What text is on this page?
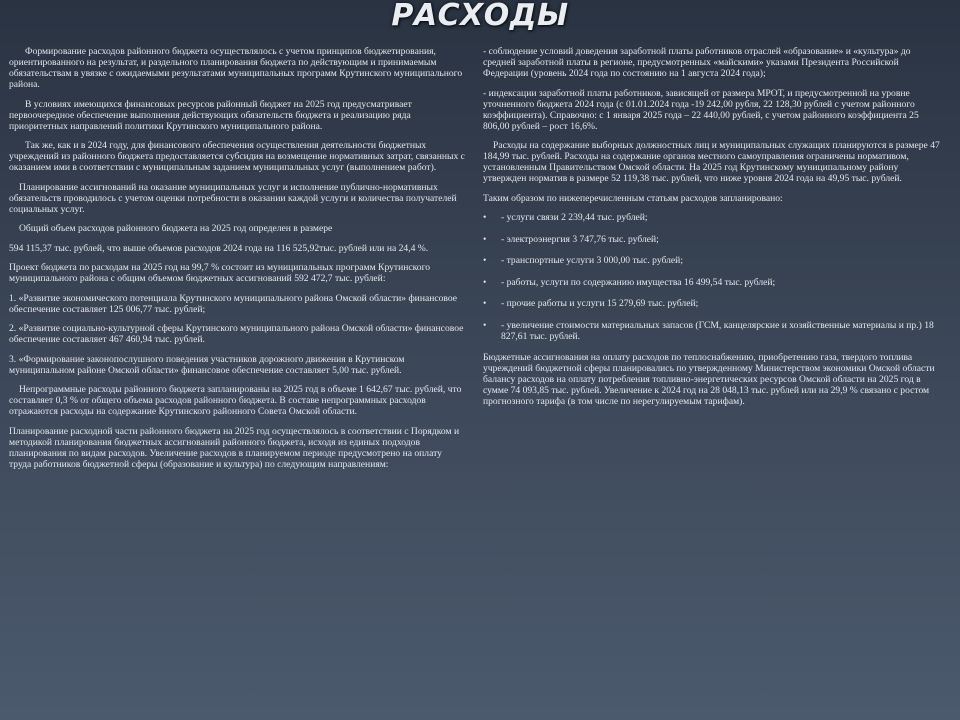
РАСХОДЫ

Формирование расходов районного бюджета осуществлялось с учетом принципов бюджетирования, ориентированного на результат, и раздельного планирования бюджета по действующим и принимаемым обязательствам в увязке с ожидаемыми результатами муниципальных программ Крутинского муниципального района.

В условиях имеющихся финансовых ресурсов районный бюджет на 2025 год предусматривает первоочередное обеспечение выполнения действующих обязательств бюджета и реализацию ряда приоритетных направлений политики Крутинского муниципального района.

Так же, как и в 2024 году, для финансового обеспечения осуществления деятельности бюджетных учреждений из районного бюджета предоставляется субсидия на возмещение нормативных затрат, связанных с оказанием ими в соответствии с муниципальным заданием муниципальных услуг (выполнением работ).

Планирование ассигнований на оказание муниципальных услуг и исполнение публично-нормативных обязательств проводилось с учетом оценки потребности в оказании каждой услуги и количества получателей социальных услуг.

Общий объем расходов районного бюджета на 2025 год определен в размере

594 115,37 тыс. рублей, что выше объемов расходов 2024 года на 116 525,92тыс. рублей или на 24,4 %.

Проект бюджета по расходам на 2025 год на 99,7 % состоит из муниципальных программ Крутинского муниципального района с общим объемом бюджетных ассигнований 592 472,7 тыс. рублей:

1. «Развитие экономического потенциала Крутинского муниципального района Омской области» финансовое обеспечение составляет 125 006,77 тыс. рублей;

2. «Развитие социально-культурной сферы Крутинского муниципального района Омской области» финансовое обеспечение составляет 467 460,94 тыс. рублей.

3. «Формирование законопослушного поведения участников дорожного движения в Крутинском муниципальном районе Омской области» финансовое обеспечение составляет 5,00 тыс. рублей.

Непрограммные расходы районного бюджета запланированы на 2025 год в объеме 1 642,67 тыс. рублей, что составляет 0,3 % от общего объема расходов районного бюджета. В составе непрограммных расходов отражаются расходы на содержание Крутинского районного Совета Омской области.

Планирование расходной части районного бюджета на 2025 год осуществлялось в соответствии с Порядком и методикой планирования бюджетных ассигнований районного бюджета, исходя из единых подходов планирования по видам расходов. Увеличение расходов в планируемом периоде предусмотрено на оплату труда работников бюджетной сферы (образование и культура) по следующим направлениям:

- соблюдение условий доведения заработной платы работников отраслей «образование» и «культура» до средней заработной платы в регионе, предусмотренных «майскими» указами Президента Российской Федерации (уровень 2024 года по состоянию на 1 августа 2024 года);

- индексации заработной платы работников, зависящей от размера МРОТ, и предусмотренной на уровне уточненного бюджета 2024 года (с 01.01.2024 года -19 242,00 рубля, 22 128,30 рублей с учетом районного коэффициента). Справочно: с 1 января 2025 года – 22 440,00 рублей, с учетом районного коэффициента 25 806,00 рублей – рост 16,6%.

Расходы на содержание выборных должностных лиц и муниципальных служащих планируются в размере 47 184,99 тыс. рублей. Расходы на содержание органов местного самоуправления ограничены нормативом, установленным Правительством Омской области. На 2025 год Крутинскому муниципальному району утвержден норматив в размере 52 119,38 тыс. рублей, что ниже уровня 2024 года на 49,95 тыс. рублей.

Таким образом по нижеперечисленным статьям расходов запланировано:

• - услуги связи 2 239,44 тыс. рублей;
• - электроэнергия 3 747,76 тыс. рублей;
• - транспортные услуги 3 000,00 тыс. рублей;
• - работы, услуги по содержанию имущества 16 499,54 тыс. рублей;
• - прочие работы и услуги 15 279,69 тыс. рублей;
• - увеличение стоимости материальных запасов (ГСМ, канцелярские и хозяйственные материалы и пр.) 18 827,61 тыс. рублей.

Бюджетные ассигнования на оплату расходов по теплоснабжению, приобретению газа, твердого топлива учреждений бюджетной сферы планировались по утвержденному Министерством экономики Омской области балансу расходов на оплату потребления топливно-энергетических ресурсов Омской области на 2025 год в сумме 74 093,85 тыс. рублей. Увеличение к 2024 год на 28 048,13 тыс. рублей или на 29,9 % связано с ростом прогнозного тарифа (в том числе по нерегулируемым тарифам).
